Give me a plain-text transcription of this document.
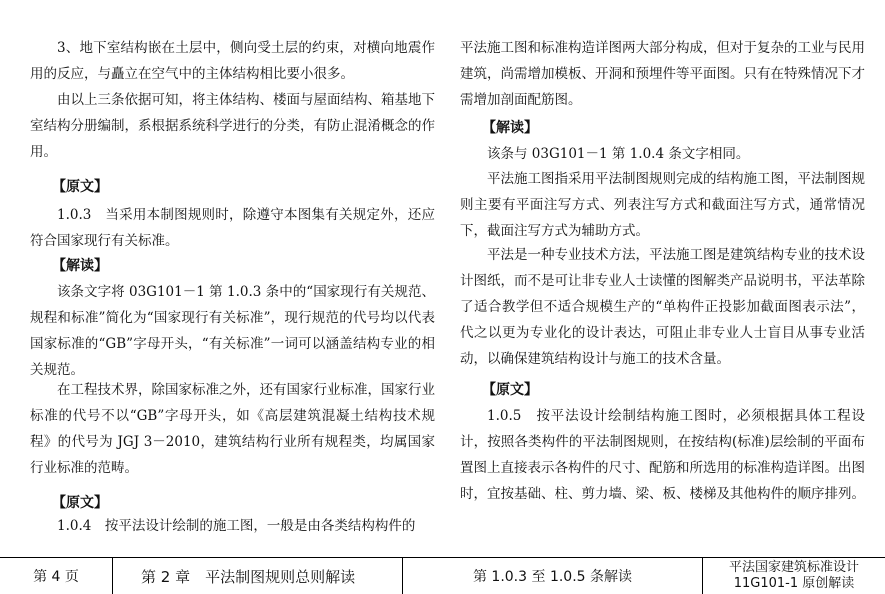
3、地下室结构嵌在土层中，侧向受土层的约束，对横向地震作用的反应，与矗立在空气中的主体结构相比要小很多。

由以上三条依据可知，将主体结构、楼面与屋面结构、箱基地下室结构分册编制，系根据系统科学进行的分类，有防止混淆概念的作用。

【原文】

1.0.3　当采用本制图规则时，除遵守本图集有关规定外，还应符合国家现行有关标准。

【解读】

该条文字将 03G101－1 第 1.0.3 条中的“国家现行有关规范、规程和标准”简化为“国家现行有关标准”，现行规范的代号均以代表国家标准的“GB”字母开头，“有关标准”一词可以涵盖结构专业的相关规范。

在工程技术界，除国家标准之外，还有国家行业标准，国家行业标准的代号不以“GB”字母开头，如《高层建筑混凝土结构技术规程》的代号为 JGJ 3－2010，建筑结构行业所有规程类，均属国家行业标准的范畴。

【原文】

1.0.4　按平法设计绘制的施工图，一般是由各类结构构件的

平法施工图和标准构造详图两大部分构成，但对于复杂的工业与民用建筑，尚需增加模板、开洞和预埋件等平面图。只有在特殊情况下才需增加剖面配筋图。

【解读】

该条与 03G101－1 第 1.0.4 条文字相同。

平法施工图指采用平法制图规则完成的结构施工图，平法制图规则主要有平面注写方式、列表注写方式和截面注写方式，通常情况下，截面注写方式为辅助方式。

平法是一种专业技术方法，平法施工图是建筑结构专业的技术设计图纸，而不是可让非专业人士读懂的图解类产品说明书，平法革除了适合教学但不适合规模生产的“单构件正投影加截面图表示法”，代之以更为专业化的设计表达，可阻止非专业人士盲目从事专业活动，以确保建筑结构设计与施工的技术含量。

【原文】

1.0.5　按平法设计绘制结构施工图时，必须根据具体工程设计，按照各类构件的平法制图规则，在按结构(标准)层绘制的平面布置图上直接表示各构件的尺寸、配筋和所选用的标准构造详图。出图时，宜按基础、柱、剪力墙、梁、板、楼梯及其他构件的顺序排列。

第 4 页	第 2 章　平法制图规则总则解读	第 1.0.3 至 1.0.5 条解读
平法国家建筑标准设计
11G101-1 原创解读
